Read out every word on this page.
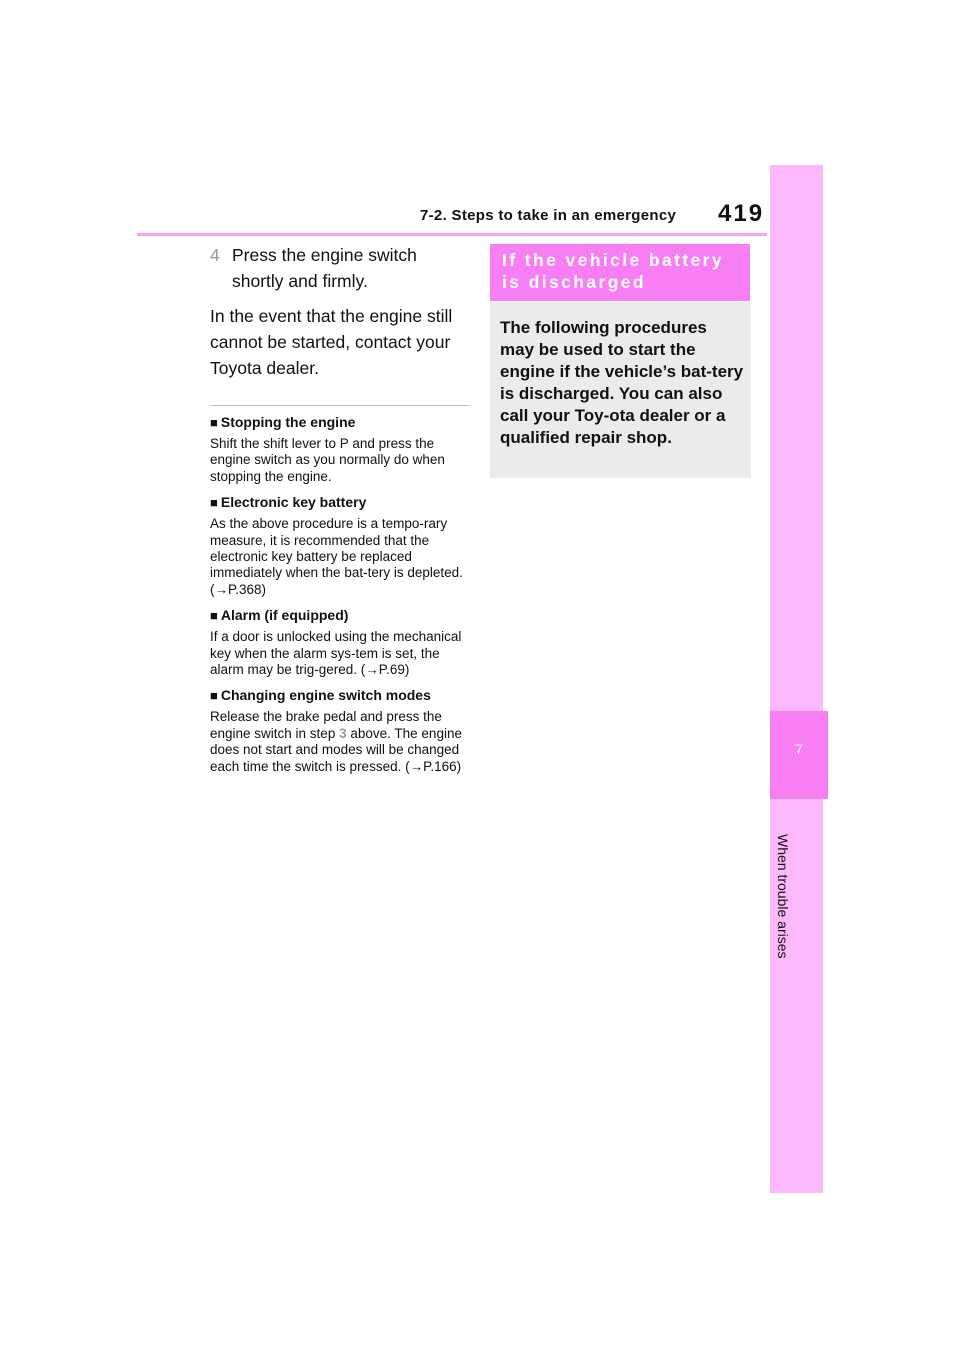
7-2. Steps to take in an emergency 419
7
When trouble arises
4 Press the engine switch shortly and firmly.
In the event that the engine still cannot be started, contact your Toyota dealer.
■ Stopping the engine
Shift the shift lever to P and press the engine switch as you normally do when stopping the engine.
■ Electronic key battery
As the above procedure is a tempo-rary measure, it is recommended that the electronic key battery be replaced immediately when the bat-tery is depleted. (→P.368)
■ Alarm (if equipped)
If a door is unlocked using the mechanical key when the alarm sys-tem is set, the alarm may be trig-gered. (→P.69)
■ Changing engine switch modes
Release the brake pedal and press the engine switch in step 3 above. The engine does not start and modes will be changed each time the switch is pressed. (→P.166)
If the vehicle battery is discharged
The following procedures may be used to start the engine if the vehicle’s bat-tery is discharged. You can also call your Toy-ota dealer or a qualified repair shop.
